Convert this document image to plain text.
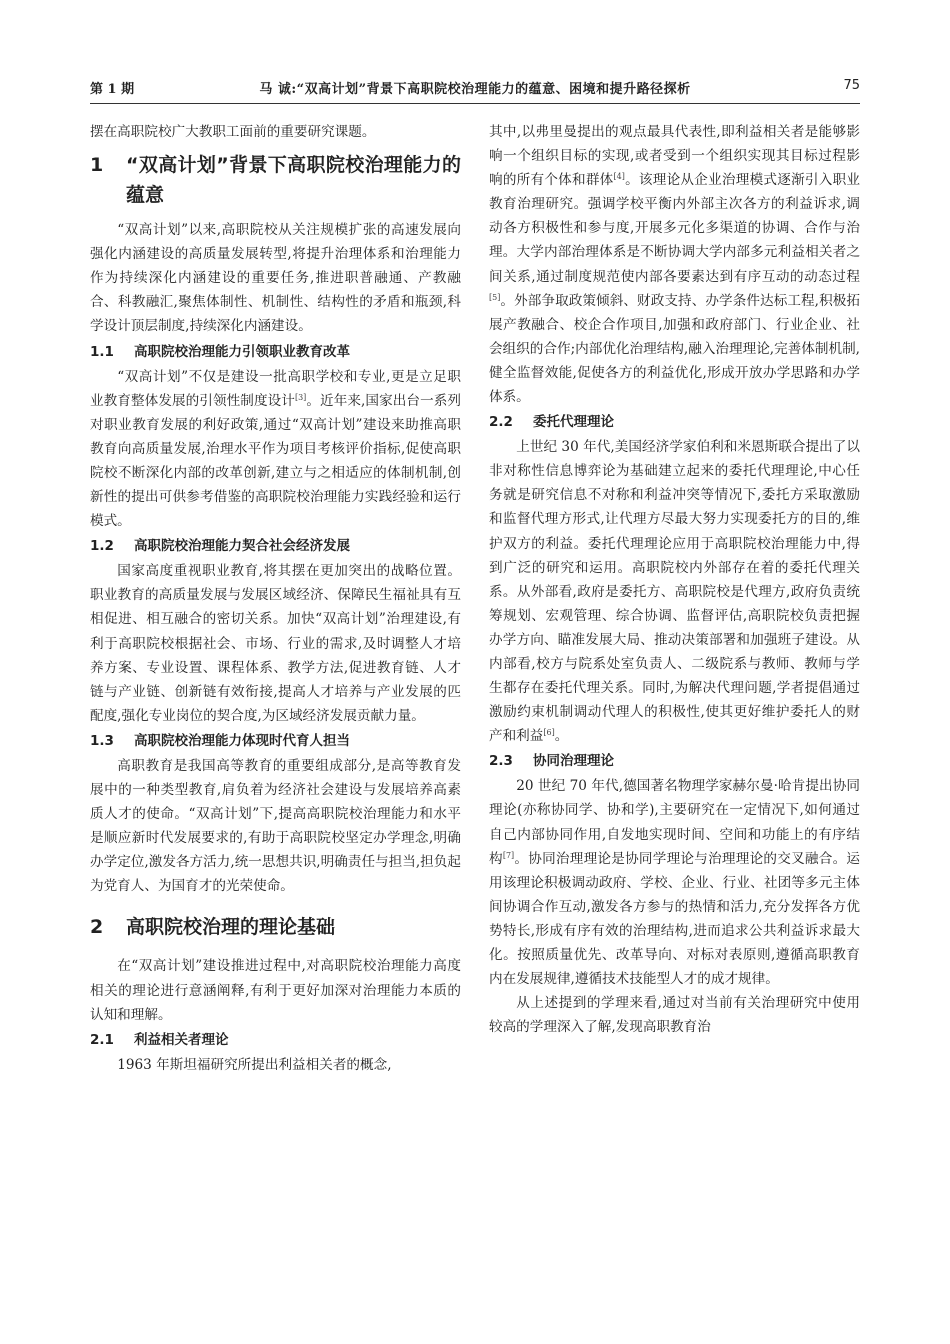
第 1 期	马 诚:“双高计划”背景下高职院校治理能力的蕴意、困境和提升路径探析	75

摆在高职院校广大教职工面前的重要研究课题。

1 “双高计划”背景下高职院校治理能力的蕴意

“双高计划”以来,高职院校从关注规模扩张的高速发展向强化内涵建设的高质量发展转型,将提升治理体系和治理能力作为持续深化内涵建设的重要任务,推进职普融通、产教融合、科教融汇,聚焦体制性、机制性、结构性的矛盾和瓶颈,科学设计顶层制度,持续深化内涵建设。

1.1 高职院校治理能力引领职业教育改革

“双高计划”不仅是建设一批高职学校和专业,更是立足职业教育整体发展的引领性制度设计[3]。近年来,国家出台一系列对职业教育发展的利好政策,通过“双高计划”建设来助推高职教育向高质量发展,治理水平作为项目考核评价指标,促使高职院校不断深化内部的改革创新,建立与之相适应的体制机制,创新性的提出可供参考借鉴的高职院校治理能力实践经验和运行模式。

1.2 高职院校治理能力契合社会经济发展

国家高度重视职业教育,将其摆在更加突出的战略位置。职业教育的高质量发展与发展区域经济、保障民生福祉具有互相促进、相互融合的密切关系。加快“双高计划”治理建设,有利于高职院校根据社会、市场、行业的需求,及时调整人才培养方案、专业设置、课程体系、教学方法,促进教育链、人才链与产业链、创新链有效衔接,提高人才培养与产业发展的匹配度,强化专业岗位的契合度,为区域经济发展贡献力量。

1.3 高职院校治理能力体现时代育人担当

高职教育是我国高等教育的重要组成部分,是高等教育发展中的一种类型教育,肩负着为经济社会建设与发展培养高素质人才的使命。“双高计划”下,提高高职院校治理能力和水平是顺应新时代发展要求的,有助于高职院校坚定办学理念,明确办学定位,激发各方活力,统一思想共识,明确责任与担当,担负起为党育人、为国育才的光荣使命。

2 高职院校治理的理论基础

在“双高计划”建设推进过程中,对高职院校治理能力高度相关的理论进行意涵阐释,有利于更好加深对治理能力本质的认知和理解。

2.1 利益相关者理论

1963 年斯坦福研究所提出利益相关者的概念,

其中,以弗里曼提出的观点最具代表性,即利益相关者是能够影响一个组织目标的实现,或者受到一个组织实现其目标过程影响的所有个体和群体[4]。该理论从企业治理模式逐渐引入职业教育治理研究。强调学校平衡内外部主次各方的利益诉求,调动各方积极性和参与度,开展多元化多渠道的协调、合作与治理。大学内部治理体系是不断协调大学内部多元利益相关者之间关系,通过制度规范使内部各要素达到有序互动的动态过程[5]。外部争取政策倾斜、财政支持、办学条件达标工程,积极拓展产教融合、校企合作项目,加强和政府部门、行业企业、社会组织的合作;内部优化治理结构,融入治理理论,完善体制机制,健全监督效能,促使各方的利益优化,形成开放办学思路和办学体系。

2.2 委托代理理论

上世纪 30 年代,美国经济学家伯利和米恩斯联合提出了以非对称性信息博弈论为基础建立起来的委托代理理论,中心任务就是研究信息不对称和利益冲突等情况下,委托方采取激励和监督代理方形式,让代理方尽最大努力实现委托方的目的,维护双方的利益。委托代理理论应用于高职院校治理能力中,得到广泛的研究和运用。高职院校内外部存在着的委托代理关系。从外部看,政府是委托方、高职院校是代理方,政府负责统筹规划、宏观管理、综合协调、监督评估,高职院校负责把握办学方向、瞄准发展大局、推动决策部署和加强班子建设。从内部看,校方与院系处室负责人、二级院系与教师、教师与学生都存在委托代理关系。同时,为解决代理问题,学者提倡通过激励约束机制调动代理人的积极性,使其更好维护委托人的财产和利益[6]。

2.3 协同治理理论

20 世纪 70 年代,德国著名物理学家赫尔曼·哈肯提出协同理论(亦称协同学、协和学),主要研究在一定情况下,如何通过自己内部协同作用,自发地实现时间、空间和功能上的有序结构[7]。协同治理理论是协同学理论与治理理论的交叉融合。运用该理论积极调动政府、学校、企业、行业、社团等多元主体间协调合作互动,激发各方参与的热情和活力,充分发挥各方优势特长,形成有序有效的治理结构,进而追求公共利益诉求最大化。按照质量优先、改革导向、对标对表原则,遵循高职教育内在发展规律,遵循技术技能型人才的成才规律。

从上述提到的学理来看,通过对当前有关治理研究中使用较高的学理深入了解,发现高职教育治
